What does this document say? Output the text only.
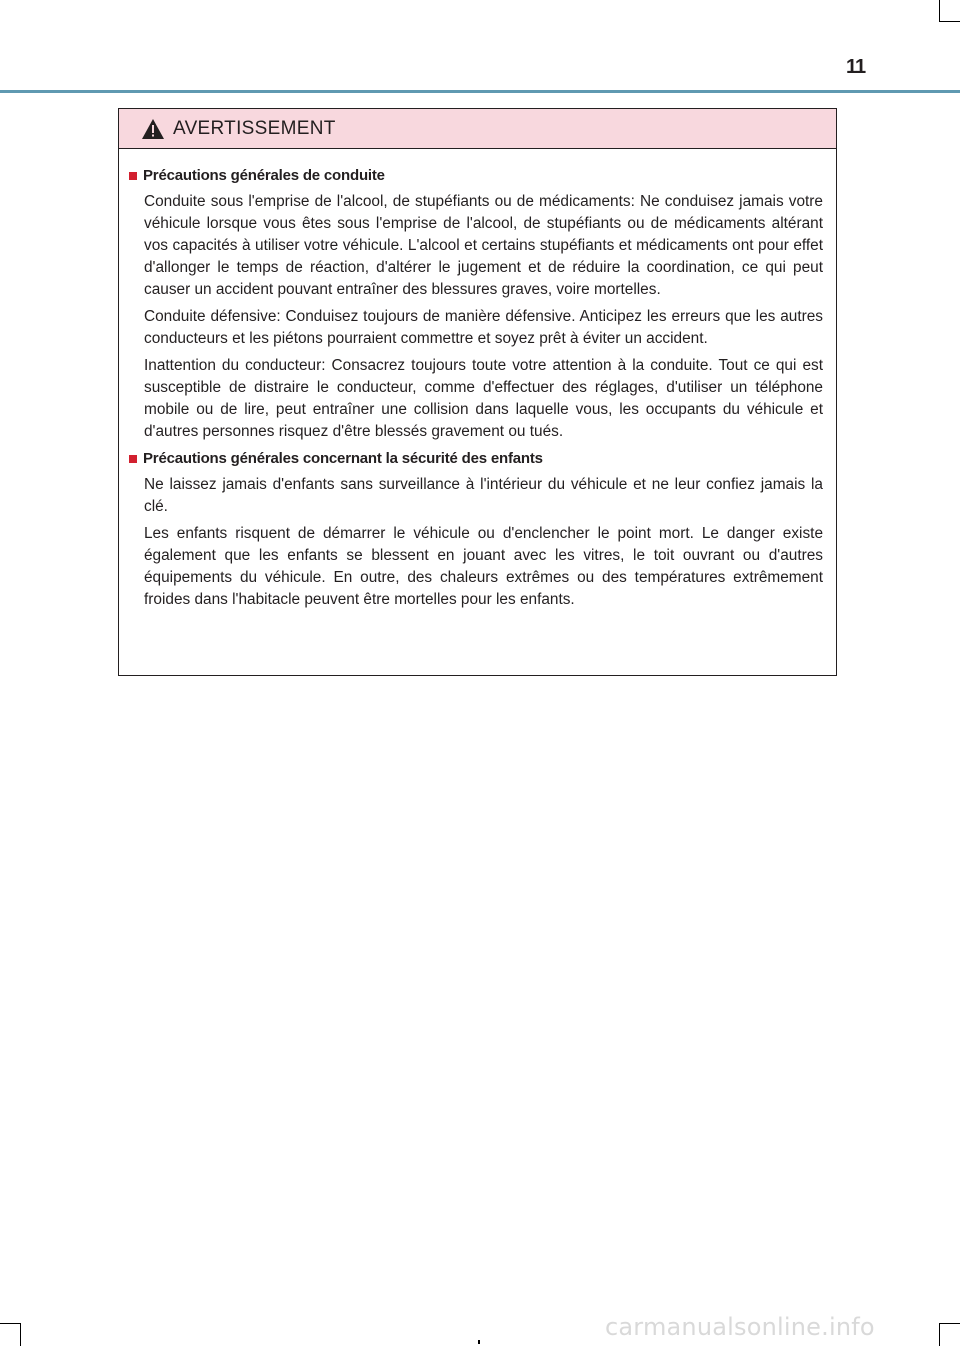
11
AVERTISSEMENT
Précautions générales de conduite

Conduite sous l'emprise de l'alcool, de stupéfiants ou de médicaments: Ne conduisez jamais votre véhicule lorsque vous êtes sous l'emprise de l'alcool, de stupéfiants ou de médicaments altérant vos capacités à utiliser votre véhicule. L'alcool et certains stupéfiants et médicaments ont pour effet d'allonger le temps de réaction, d'altérer le jugement et de réduire la coordination, ce qui peut causer un accident pouvant entraîner des blessures graves, voire mortelles.

Conduite défensive: Conduisez toujours de manière défensive. Anticipez les erreurs que les autres conducteurs et les piétons pourraient commettre et soyez prêt à éviter un accident.

Inattention du conducteur: Consacrez toujours toute votre attention à la conduite. Tout ce qui est susceptible de distraire le conducteur, comme d'effectuer des réglages, d'utiliser un téléphone mobile ou de lire, peut entraîner une collision dans laquelle vous, les occupants du véhicule et d'autres personnes risquez d'être blessés gravement ou tués.

Précautions générales concernant la sécurité des enfants

Ne laissez jamais d'enfants sans surveillance à l'intérieur du véhicule et ne leur confiez jamais la clé.

Les enfants risquent de démarrer le véhicule ou d'enclencher le point mort. Le danger existe également que les enfants se blessent en jouant avec les vitres, le toit ouvrant ou d'autres équipements du véhicule. En outre, des chaleurs extrêmes ou des températures extrêmement froides dans l'habitacle peuvent être mortelles pour les enfants.

carmanualsonline.info
